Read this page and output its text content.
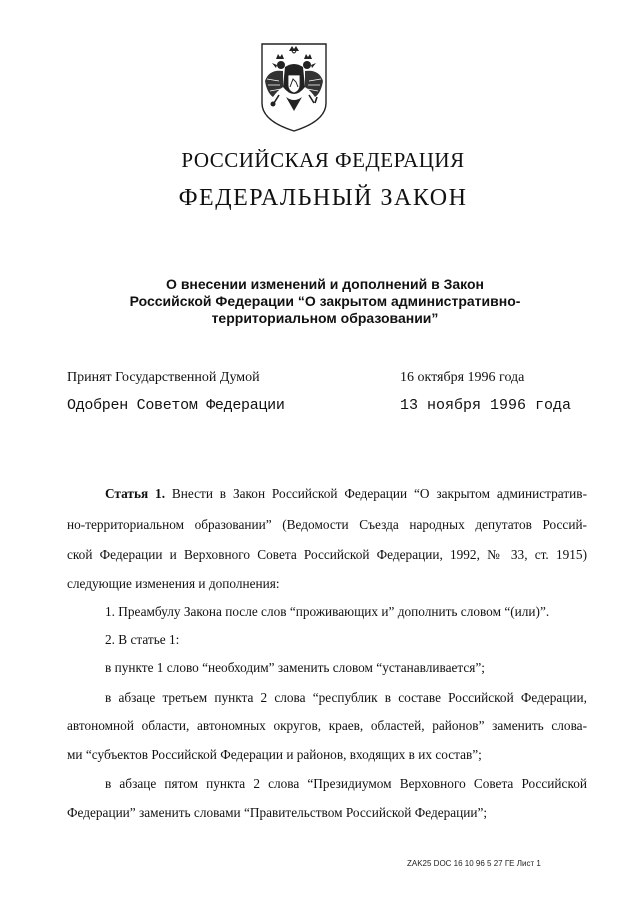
РОССИЙСКАЯ ФЕДЕРАЦИЯ
ФЕДЕРАЛЬНЫЙ ЗАКОН
О внесении изменений и дополнений в Закон
Российской Федерации “О закрытом административно-
территориальном образовании”
Принят Государственной Думой	16 октября 1996 года
Одобрен Советом Федерации	13 ноября 1996 года
Статья 1. Внести в Закон Российской Федерации “О закрытом административ-
но-территориальном образовании” (Ведомости Съезда народных депутатов Россий-
ской Федерации и Верховного Совета Российской Федерации, 1992, № 33, ст. 1915)
следующие изменения и дополнения:
1. Преамбулу Закона после слов “проживающих и” дополнить словом “(или)”.
2. В статье 1:
в пункте 1 слово “необходим” заменить словом “устанавливается”;
в абзаце третьем пункта 2 слова “республик в составе Российской Федерации,
автономной области, автономных округов, краев, областей, районов” заменить слова-
ми “субъектов Российской Федерации и районов, входящих в их состав”;
в абзаце пятом пункта 2 слова “Президиумом Верховного Совета Российской
Федерации” заменить словами “Правительством Российской Федерации”;
ZAK25 DOC 16 10 96 5 27 ГЕ Лист 1
